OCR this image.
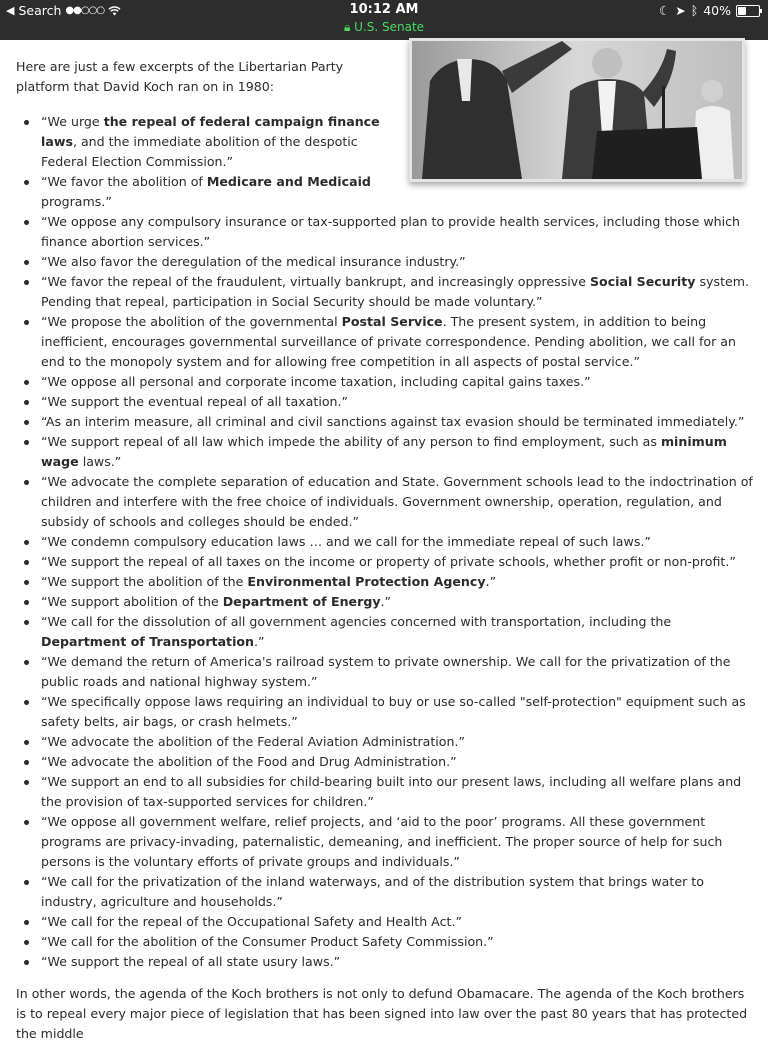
◀ Search ●●○○○	10:12 AM
🔒︎ U.S. Senate
☾ ➤ ᛒ 40%

Here are just a few excerpts of the Libertarian Party platform that David Koch ran on in 1980:

“We urge the repeal of federal campaign finance laws, and the immediate abolition of the despotic Federal Election Commission.”
“We favor the abolition of Medicare and Medicaid programs.”
“We oppose any compulsory insurance or tax-supported plan to provide health services, including those which finance abortion services.”
“We also favor the deregulation of the medical insurance industry.”
“We favor the repeal of the fraudulent, virtually bankrupt, and increasingly oppressive Social Security system. Pending that repeal, participation in Social Security should be made voluntary.”
“We propose the abolition of the governmental Postal Service. The present system, in addition to being inefficient, encourages governmental surveillance of private correspondence. Pending abolition, we call for an end to the monopoly system and for allowing free competition in all aspects of postal service.”
“We oppose all personal and corporate income taxation, including capital gains taxes.”
“We support the eventual repeal of all taxation.”
“As an interim measure, all criminal and civil sanctions against tax evasion should be terminated immediately.”
“We support repeal of all law which impede the ability of any person to find employment, such as minimum wage laws.”
“We advocate the complete separation of education and State. Government schools lead to the indoctrination of children and interfere with the free choice of individuals. Government ownership, operation, regulation, and subsidy of schools and colleges should be ended.”
“We condemn compulsory education laws … and we call for the immediate repeal of such laws.”
“We support the repeal of all taxes on the income or property of private schools, whether profit or non-profit.”
“We support the abolition of the Environmental Protection Agency.”
“We support abolition of the Department of Energy.”
“We call for the dissolution of all government agencies concerned with transportation, including the Department of Transportation.”
“We demand the return of America's railroad system to private ownership. We call for the privatization of the public roads and national highway system.”
“We specifically oppose laws requiring an individual to buy or use so-called "self-protection" equipment such as safety belts, air bags, or crash helmets.”
“We advocate the abolition of the Federal Aviation Administration.”
“We advocate the abolition of the Food and Drug Administration.”
“We support an end to all subsidies for child-bearing built into our present laws, including all welfare plans and the provision of tax-supported services for children.”
“We oppose all government welfare, relief projects, and ‘aid to the poor’ programs. All these government programs are privacy-invading, paternalistic, demeaning, and inefficient. The proper source of help for such persons is the voluntary efforts of private groups and individuals.”
“We call for the privatization of the inland waterways, and of the distribution system that brings water to industry, agriculture and households.”
“We call for the repeal of the Occupational Safety and Health Act.”
“We call for the abolition of the Consumer Product Safety Commission.”
“We support the repeal of all state usury laws.”

In other words, the agenda of the Koch brothers is not only to defund Obamacare. The agenda of the Koch brothers is to repeal every major piece of legislation that has been signed into law over the past 80 years that has protected the middle
